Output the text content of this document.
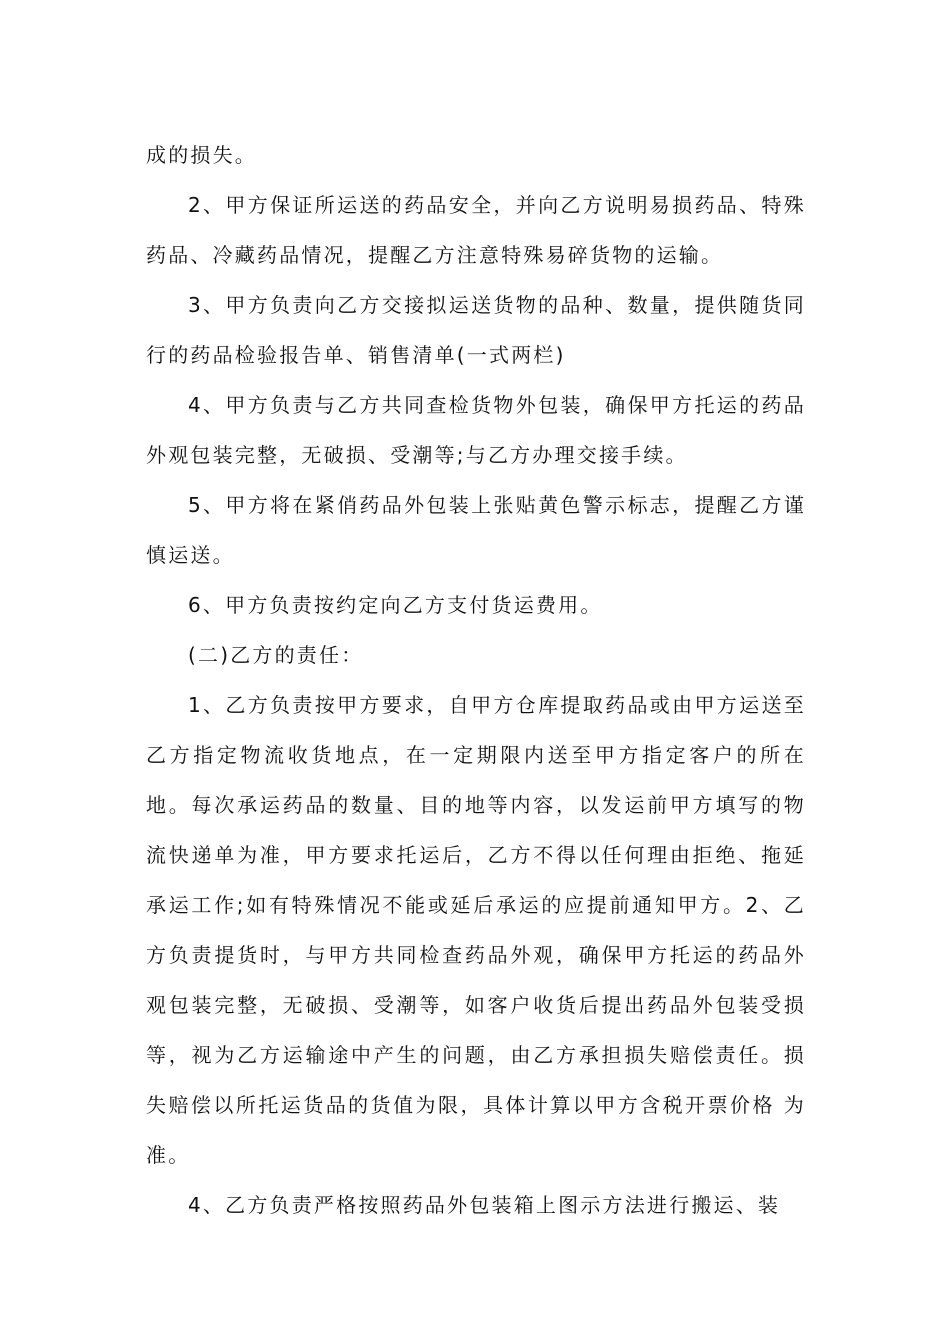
成的损失。

2、甲方保证所运送的药品安全，并向乙方说明易损药品、特殊药品、冷藏药品情况，提醒乙方注意特殊易碎货物的运输。

3、甲方负责向乙方交接拟运送货物的品种、数量，提供随货同行的药品检验报告单、销售清单(一式两栏)

4、甲方负责与乙方共同查检货物外包装，确保甲方托运的药品外观包装完整，无破损、受潮等;与乙方办理交接手续。

5、甲方将在紧俏药品外包装上张贴黄色警示标志，提醒乙方谨慎运送。

6、甲方负责按约定向乙方支付货运费用。

(二)乙方的责任：

1、乙方负责按甲方要求，自甲方仓库提取药品或由甲方运送至乙方指定物流收货地点，在一定期限内送至甲方指定客户的所在地。每次承运药品的数量、目的地等内容，以发运前甲方填写的物流快递单为准，甲方要求托运后，乙方不得以任何理由拒绝、拖延承运工作;如有特殊情况不能或延后承运的应提前通知甲方。2、乙方负责提货时，与甲方共同检查药品外观，确保甲方托运的药品外观包装完整，无破损、受潮等，如客户收货后提出药品外包装受损等，视为乙方运输途中产生的问题，由乙方承担损失赔偿责任。损失赔偿以所托运货品的货值为限，具体计算以甲方含税开票价格 为准。

4、乙方负责严格按照药品外包装箱上图示方法进行搬运、装
